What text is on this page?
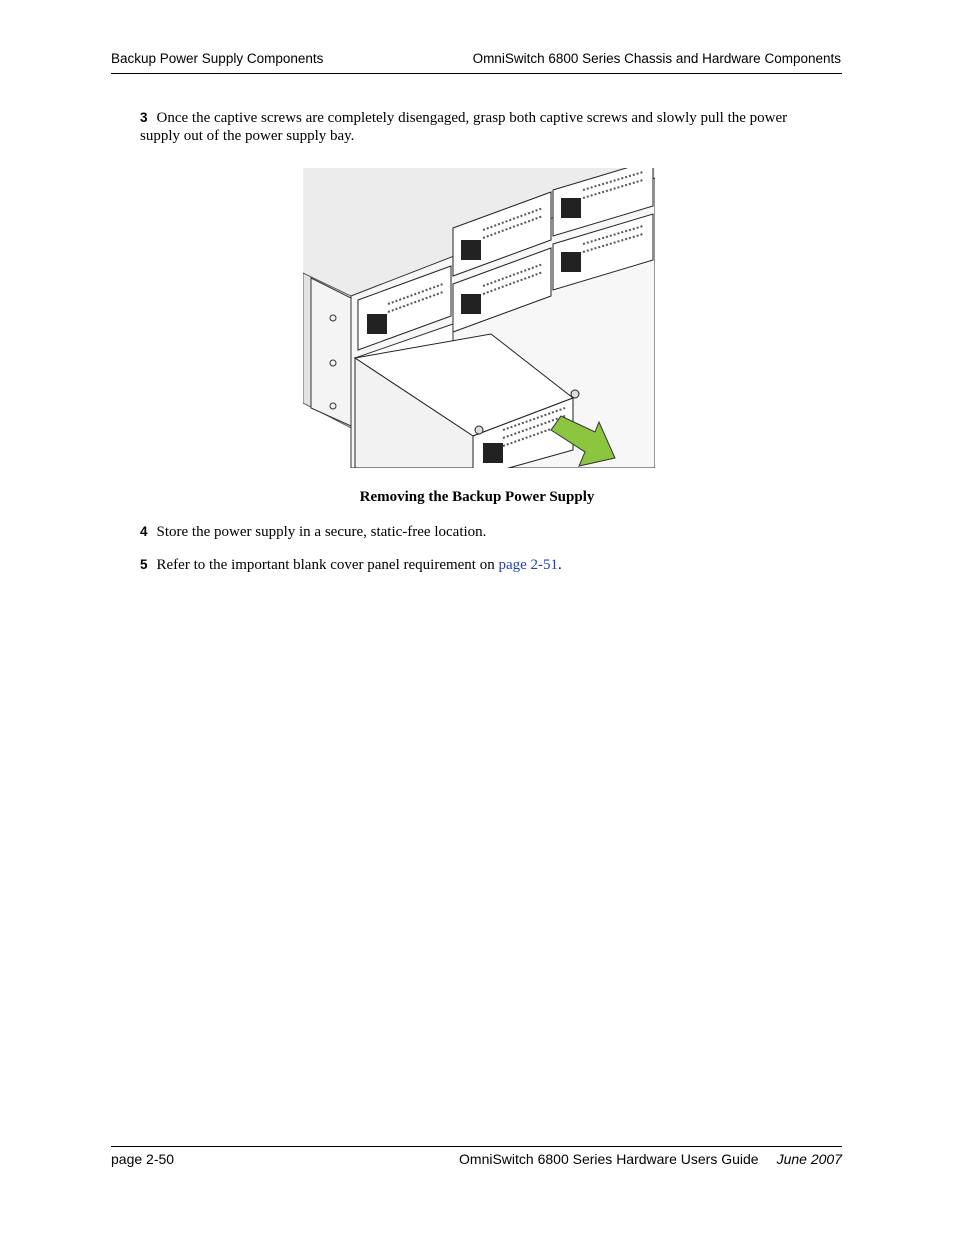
Backup Power Supply Components	OmniSwitch 6800 Series Chassis and Hardware Components
3 Once the captive screws are completely disengaged, grasp both captive screws and slowly pull the power supply out of the power supply bay.
Removing the Backup Power Supply
4 Store the power supply in a secure, static-free location.
5 Refer to the important blank cover panel requirement on page 2-51.
page 2-50	OmniSwitch 6800 Series Hardware Users Guide June 2007
